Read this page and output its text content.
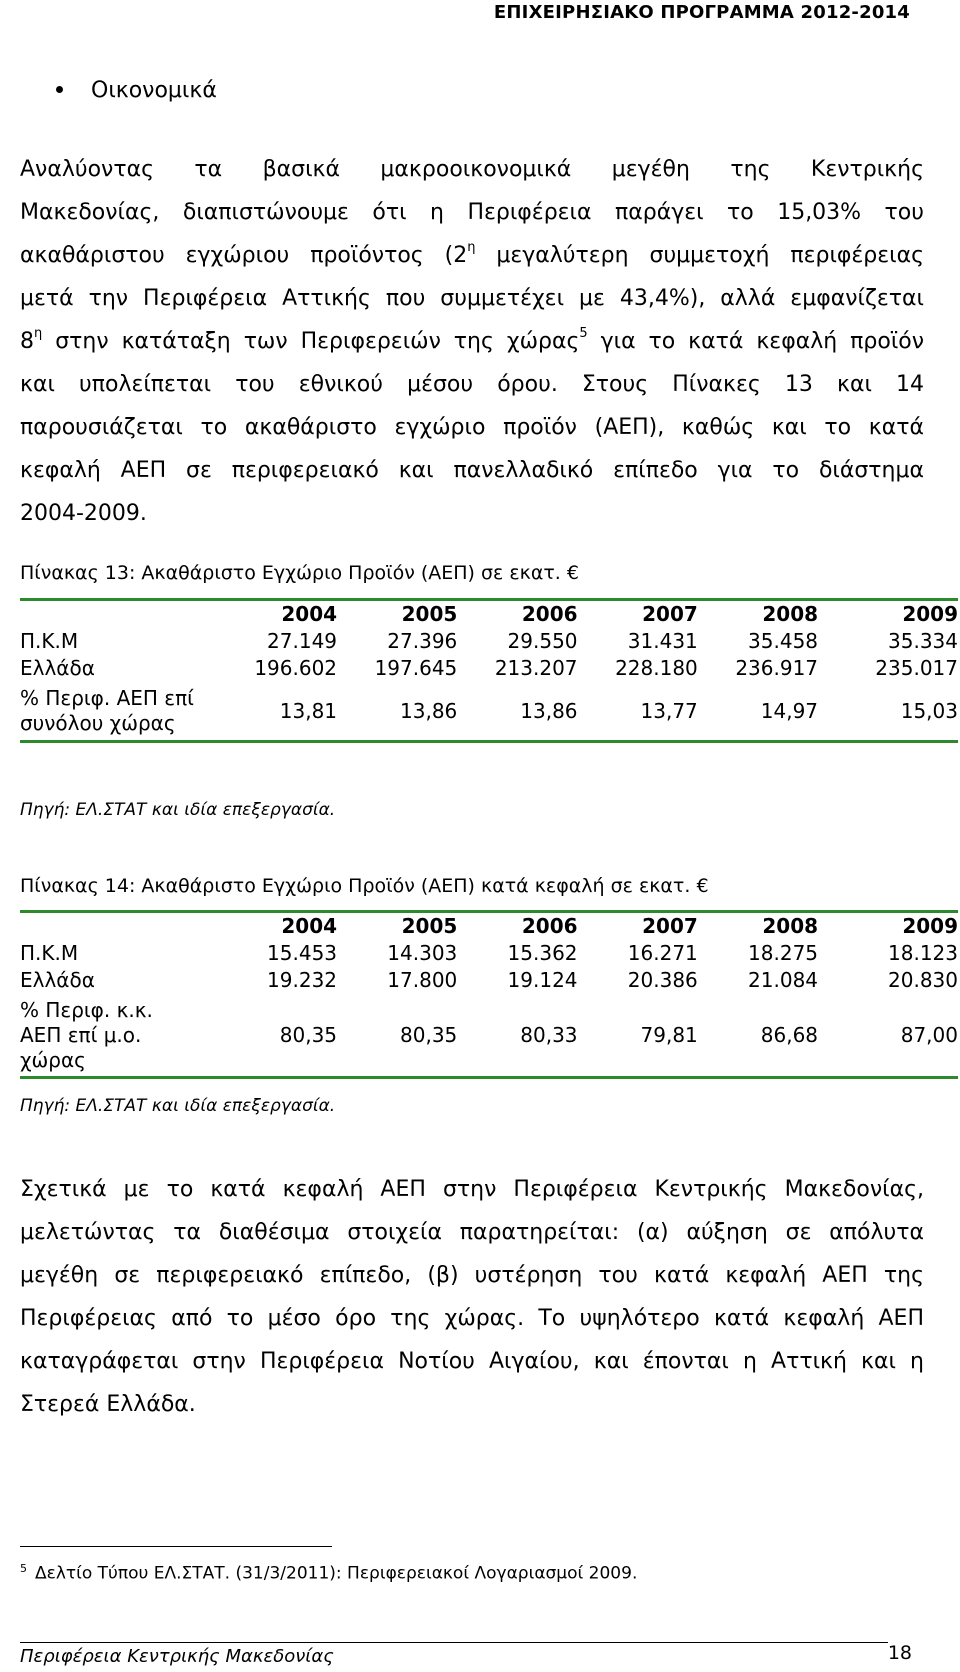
ΕΠΙΧΕΙΡΗΣΙΑΚΟ ΠΡΟΓΡΑΜΜΑ 2012-2014
Οικονομικά
Αναλύοντας τα βασικά μακροοικονομικά μεγέθη της Κεντρικής
Μακεδονίας, διαπιστώνουμε ότι η Περιφέρεια παράγει το 15,03% του
ακαθάριστου εγχώριου προϊόντος ($2^\eta$ μεγαλύτερη συμμετοχή περιφέρειας
μετά την Περιφέρεια Αττικής που συμμετέχει με 43,4%), αλλά εμφανίζεται
$8^\eta$ στην κατάταξη των Περιφερειών της χώρας$^5$ για το κατά κεφαλή προϊόν
και υπολείπεται του εθνικού μέσου όρου. Στους Πίνακες 13 και 14
παρουσιάζεται το ακαθάριστο εγχώριο προϊόν (ΑΕΠ), καθώς και το κατά
κεφαλή ΑΕΠ σε περιφερειακό και πανελλαδικό επίπεδο για το διάστημα
2004-2009.
Πίνακας 13: Ακαθάριστο Εγχώριο Προϊόν (ΑΕΠ) σε εκατ. €
	2004	2005	2006	2007	2008	2009
Π.Κ.Μ	27.149	27.396	29.550	31.431	35.458	35.334
Ελλάδα	196.602	197.645	213.207	228.180	236.917	235.017

% Περιφ. ΑΕΠ επί
συνόλου χώρας	13,81	13,86	13,86	13,77	14,97	15,03
Πηγή: ΕΛ.ΣΤΑΤ και ιδία επεξεργασία.
Πίνακας 14: Ακαθάριστο Εγχώριο Προϊόν (ΑΕΠ) κατά κεφαλή σε εκατ. €
	2004	2005	2006	2007	2008	2009
Π.Κ.Μ	15.453	14.303	15.362	16.271	18.275	18.123
Ελλάδα	19.232	17.800	19.124	20.386	21.084	20.830

% Περιφ. κ.κ.
ΑΕΠ επί μ.ο.
χώρας	80,35	80,35	80,33	79,81	86,68	87,00
Πηγή: ΕΛ.ΣΤΑΤ και ιδία επεξεργασία.
Σχετικά με το κατά κεφαλή ΑΕΠ στην Περιφέρεια Κεντρικής Μακεδονίας,
μελετώντας τα διαθέσιμα στοιχεία παρατηρείται: (α) αύξηση σε απόλυτα
μεγέθη σε περιφερειακό επίπεδο, (β) υστέρηση του κατά κεφαλή ΑΕΠ της
Περιφέρειας από το μέσο όρο της χώρας. Το υψηλότερο κατά κεφαλή ΑΕΠ
καταγράφεται στην Περιφέρεια Νοτίου Αιγαίου, και έπονται η Αττική και η
Στερεά Ελλάδα.
$^5$ Δελτίο Τύπου ΕΛ.ΣΤΑΤ. (31/3/2011): Περιφερειακοί Λογαριασμοί 2009.
Περιφέρεια Κεντρικής Μακεδονίας	18
